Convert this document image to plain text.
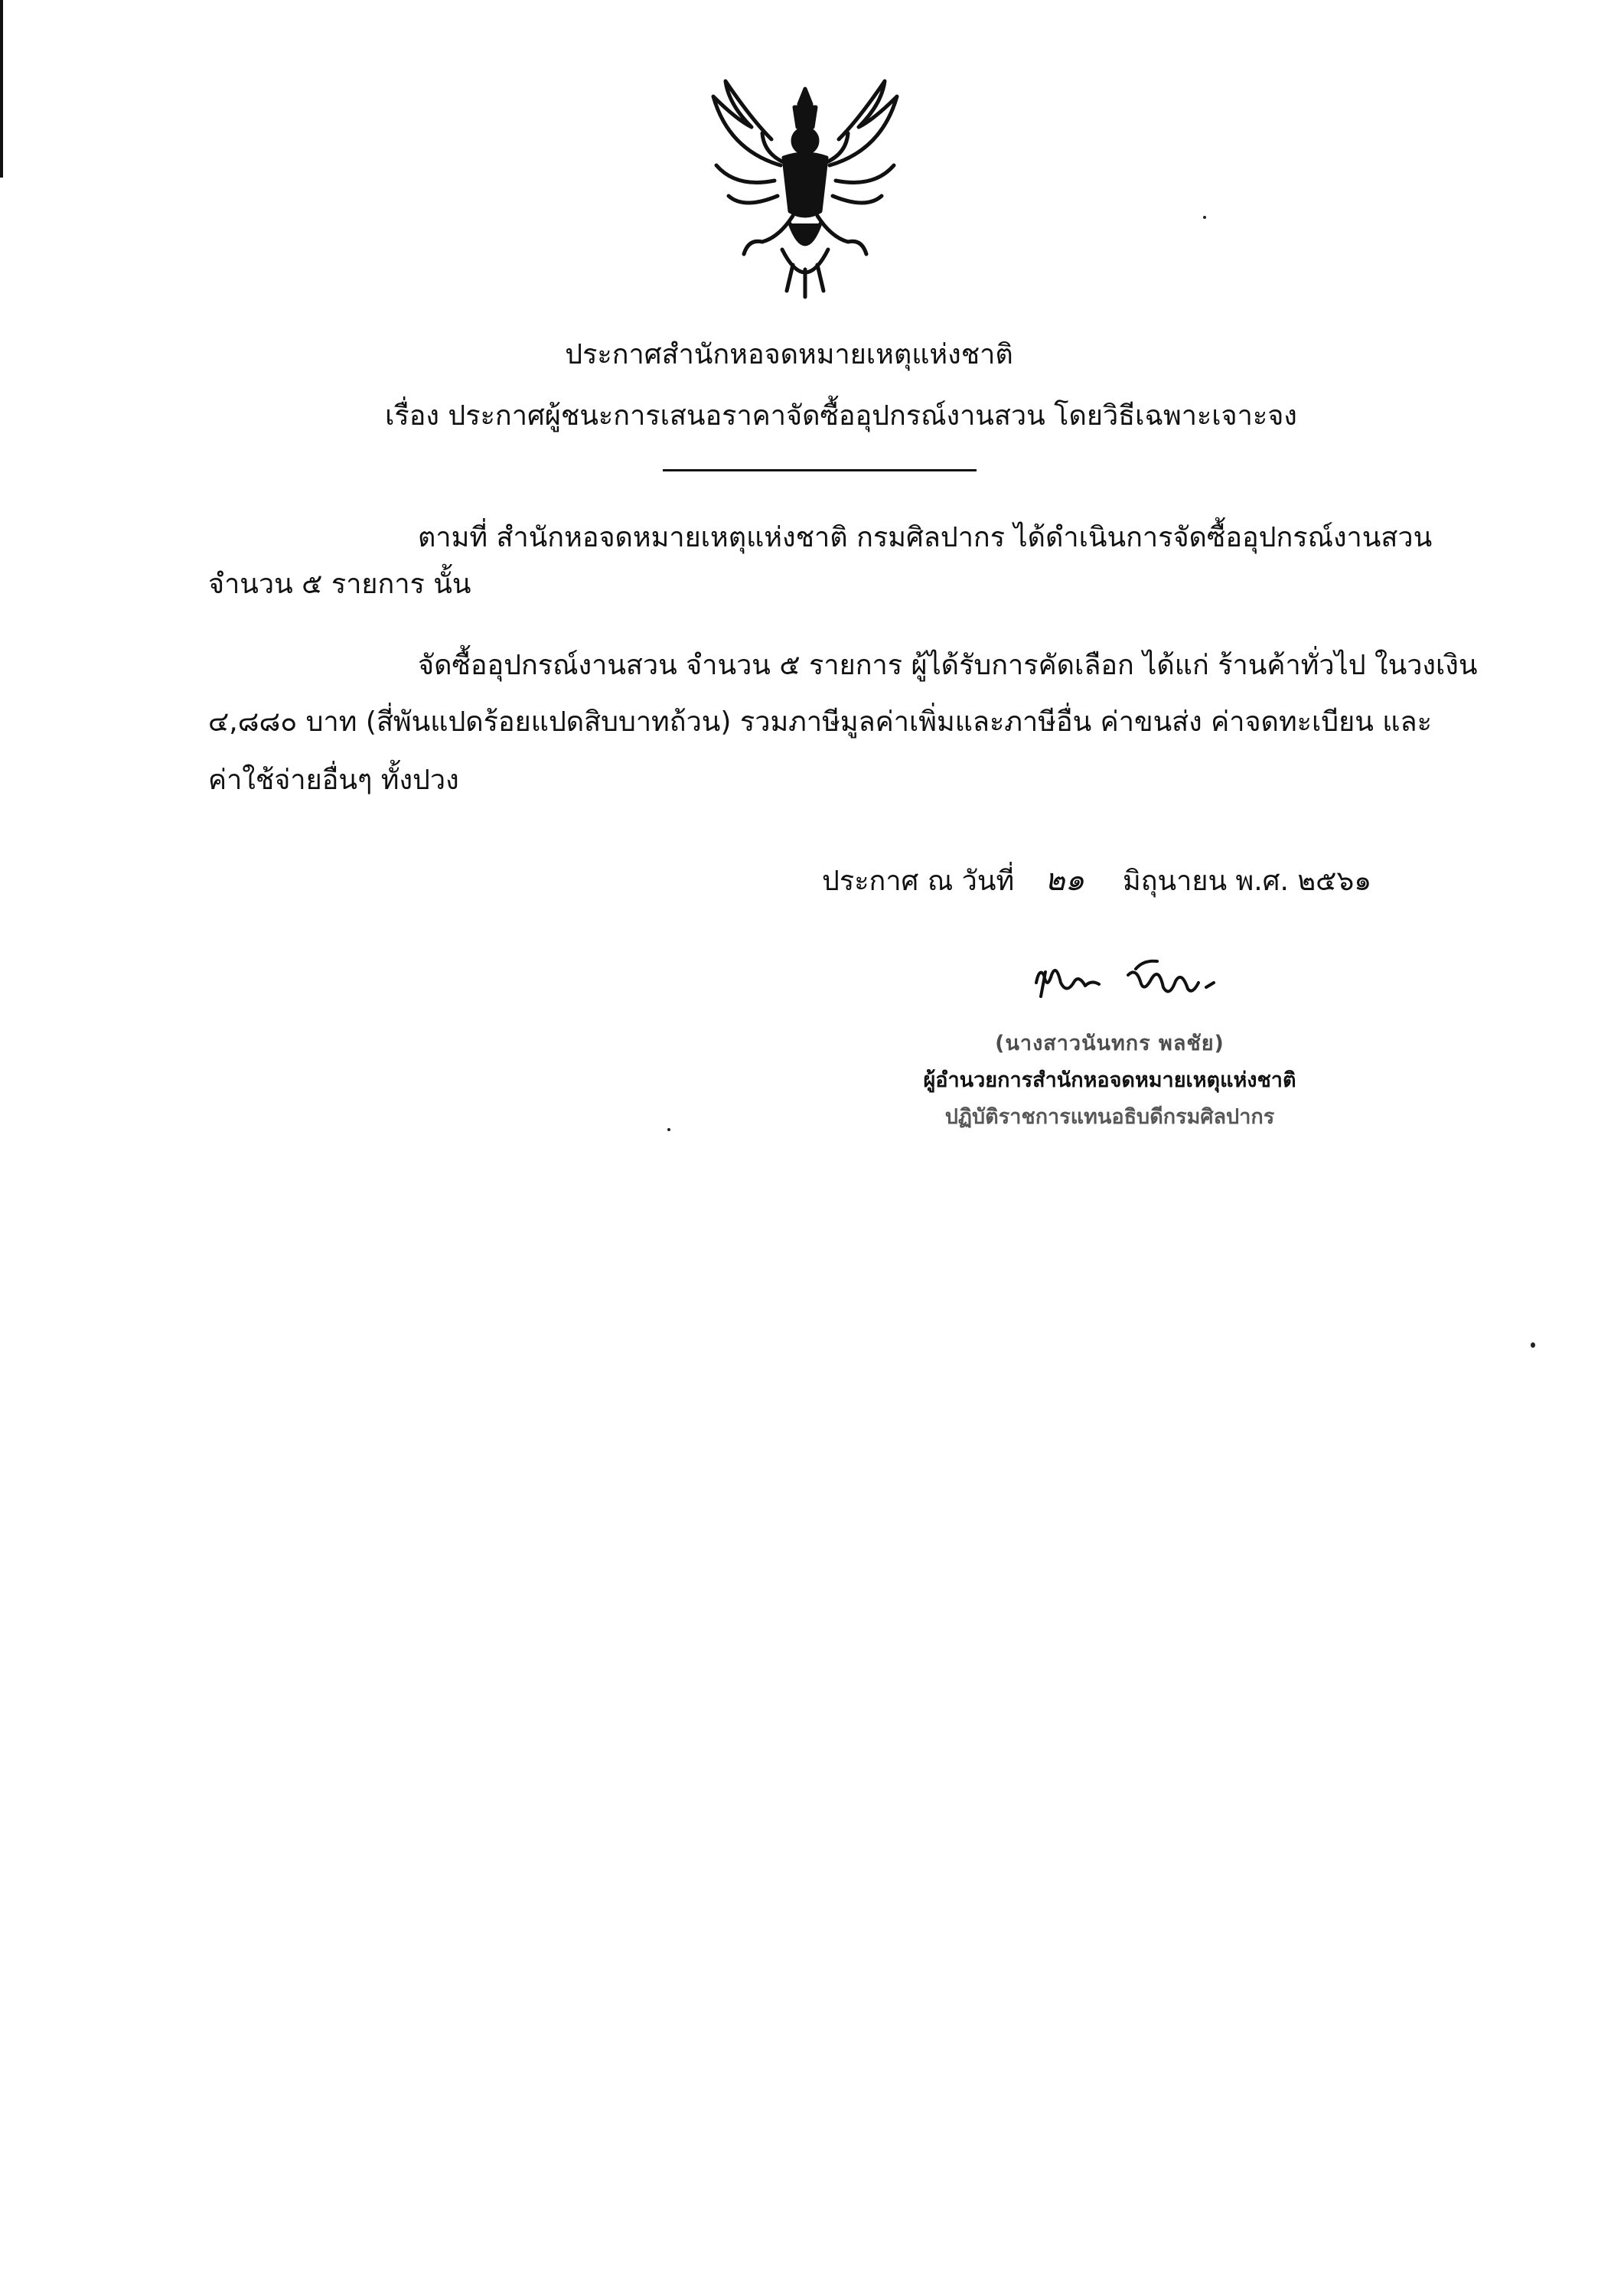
ประกาศสำนักหอจดหมายเหตุแห่งชาติ
เรื่อง ประกาศผู้ชนะการเสนอราคาจัดซื้ออุปกรณ์งานสวน โดยวิธีเฉพาะเจาะจง
ตามที่ สำนักหอจดหมายเหตุแห่งชาติ กรมศิลปากร ได้ดำเนินการจัดซื้ออุปกรณ์งานสวน
จำนวน ๕ รายการ นั้น
จัดซื้ออุปกรณ์งานสวน จำนวน ๕ รายการ ผู้ได้รับการคัดเลือก ได้แก่ ร้านค้าทั่วไป ในวงเงิน
๔,๘๘๐ บาท (สี่พันแปดร้อยแปดสิบบาทถ้วน) รวมภาษีมูลค่าเพิ่มและภาษีอื่น ค่าขนส่ง ค่าจดทะเบียน และ
ค่าใช้จ่ายอื่นๆ ทั้งปวง
ประกาศ ณ วันที่ ๒๑ มิถุนายน พ.ศ. ๒๕๖๑
(นางสาวนันทกร พลชัย)
ผู้อำนวยการสำนักหอจดหมายเหตุแห่งชาติ
ปฏิบัติราชการแทนอธิบดีกรมศิลปากร
